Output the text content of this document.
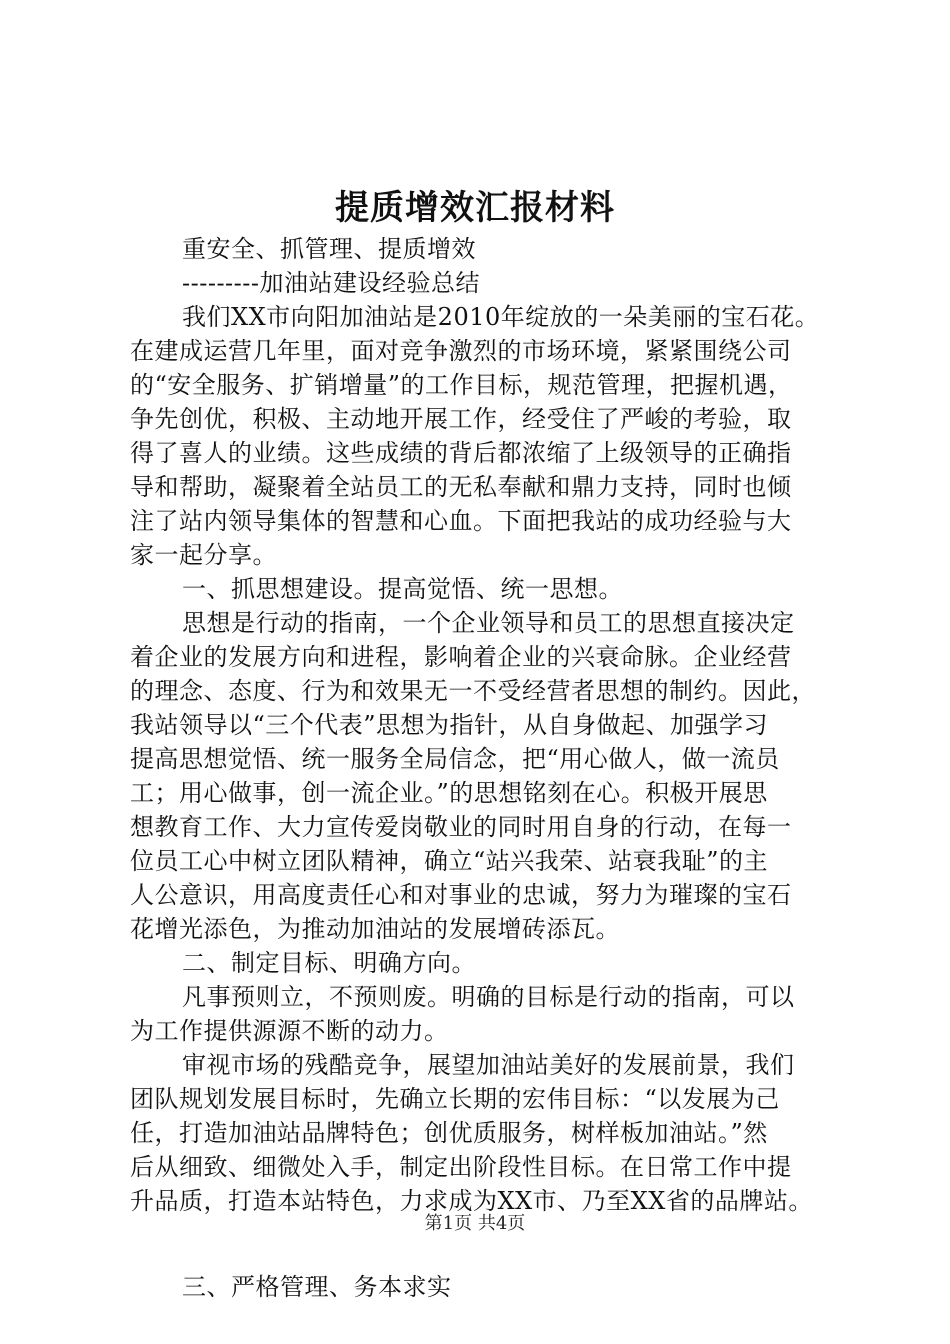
提质增效汇报材料
重安全、抓管理、提质增效
---------加油站建设经验总结
我们XX市向阳加油站是2010年绽放的一朵美丽的宝石花。
在建成运营几年里，面对竞争激烈的市场环境，紧紧围绕公司
的“安全服务、扩销增量”的工作目标，规范管理，把握机遇，
争先创优，积极、主动地开展工作，经受住了严峻的考验，取
得了喜人的业绩。这些成绩的背后都浓缩了上级领导的正确指
导和帮助，凝聚着全站员工的无私奉献和鼎力支持，同时也倾
注了站内领导集体的智慧和心血。下面把我站的成功经验与大
家一起分享。
一、抓思想建设。提高觉悟、统一思想。
思想是行动的指南，一个企业领导和员工的思想直接决定
着企业的发展方向和进程，影响着企业的兴衰命脉。企业经营
的理念、态度、行为和效果无一不受经营者思想的制约。因此，
我站领导以“三个代表”思想为指针，从自身做起、加强学习
提高思想觉悟、统一服务全局信念，把“用心做人，做一流员
工；用心做事，创一流企业。”的思想铭刻在心。积极开展思
想教育工作、大力宣传爱岗敬业的同时用自身的行动，在每一
位员工心中树立团队精神，确立“站兴我荣、站衰我耻”的主
人公意识，用高度责任心和对事业的忠诚，努力为璀璨的宝石
花增光添色，为推动加油站的发展增砖添瓦。
二、制定目标、明确方向。
凡事预则立，不预则废。明确的目标是行动的指南，可以
为工作提供源源不断的动力。
审视市场的残酷竞争，展望加油站美好的发展前景，我们
团队规划发展目标时，先确立长期的宏伟目标：“以发展为己
任，打造加油站品牌特色；创优质服务，树样板加油站。”然
后从细致、细微处入手，制定出阶段性目标。在日常工作中提
升品质，打造本站特色，力求成为XX市、乃至XX省的品牌站。
三、严格管理、务本求实
第1页 共4页
